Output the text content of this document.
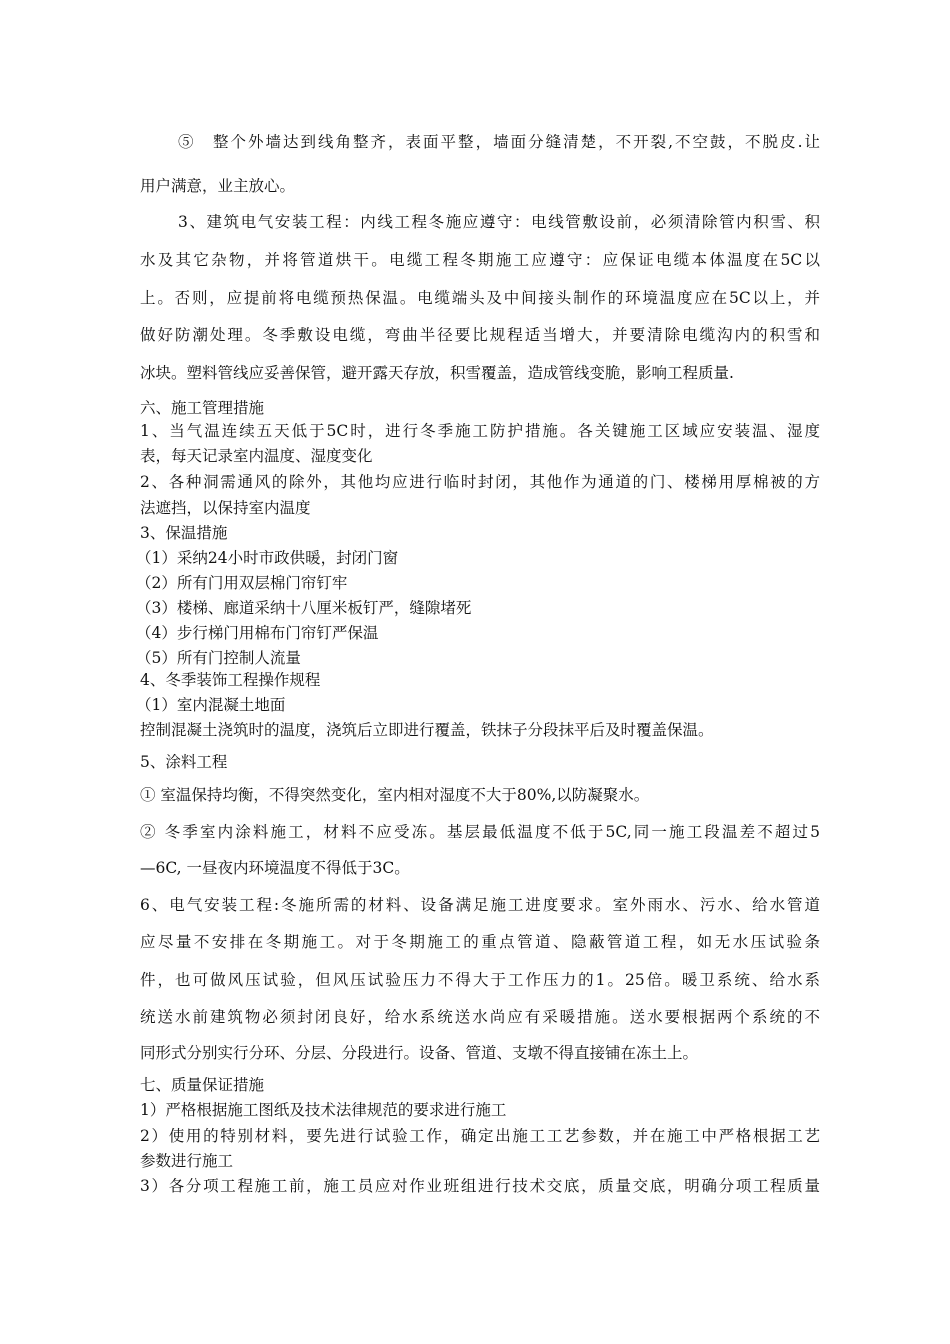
⑤　整个外墙达到线角整齐，表面平整，墙面分缝清楚，不开裂,不空鼓，不脱皮.让
用户满意，业主放心。
3、建筑电气安装工程：内线工程冬施应遵守：电线管敷设前，必须清除管内积雪、积
水及其它杂物，并将管道烘干。电缆工程冬期施工应遵守：应保证电缆本体温度在5C以
上。否则，应提前将电缆预热保温。电缆端头及中间接头制作的环境温度应在5C以上，并
做好防潮处理。冬季敷设电缆，弯曲半径要比规程适当增大，并要清除电缆沟内的积雪和
冰块。塑料管线应妥善保管，避开露天存放，积雪覆盖，造成管线变脆，影响工程质量.
六、施工管理措施
1、当气温连续五天低于5C时，进行冬季施工防护措施。各关键施工区域应安装温、湿度
表，每天记录室内温度、湿度变化
2、各种洞需通风的除外，其他均应进行临时封闭，其他作为通道的门、楼梯用厚棉被的方
法遮挡，以保持室内温度
3、保温措施
（1）采纳24小时市政供暖，封闭门窗
（2）所有门用双层棉门帘钉牢
（3）楼梯、廊道采纳十八厘米板钉严，缝隙堵死
（4）步行梯门用棉布门帘钉严保温
（5）所有门控制人流量
4、冬季装饰工程操作规程
（1）室内混凝土地面
控制混凝土浇筑时的温度，浇筑后立即进行覆盖，铁抹子分段抹平后及时覆盖保温。
5、涂料工程
① 室温保持均衡，不得突然变化，室内相对湿度不大于80%,以防凝聚水。
② 冬季室内涂料施工，材料不应受冻。基层最低温度不低于5C,同一施工段温差不超过5
—6C, 一昼夜内环境温度不得低于3C。
6、电气安装工程:冬施所需的材料、设备满足施工进度要求。室外雨水、污水、给水管道
应尽量不安排在冬期施工。对于冬期施工的重点管道、隐蔽管道工程，如无水压试验条
件，也可做风压试验，但风压试验压力不得大于工作压力的1。25倍。暖卫系统、给水系
统送水前建筑物必须封闭良好，给水系统送水尚应有采暖措施。送水要根据两个系统的不
同形式分别实行分环、分层、分段进行。设备、管道、支墩不得直接铺在冻土上。
七、质量保证措施
1）严格根据施工图纸及技术法律规范的要求进行施工
2）使用的特别材料，要先进行试验工作，确定出施工工艺参数，并在施工中严格根据工艺
参数进行施工
3）各分项工程施工前，施工员应对作业班组进行技术交底，质量交底，明确分项工程质量
